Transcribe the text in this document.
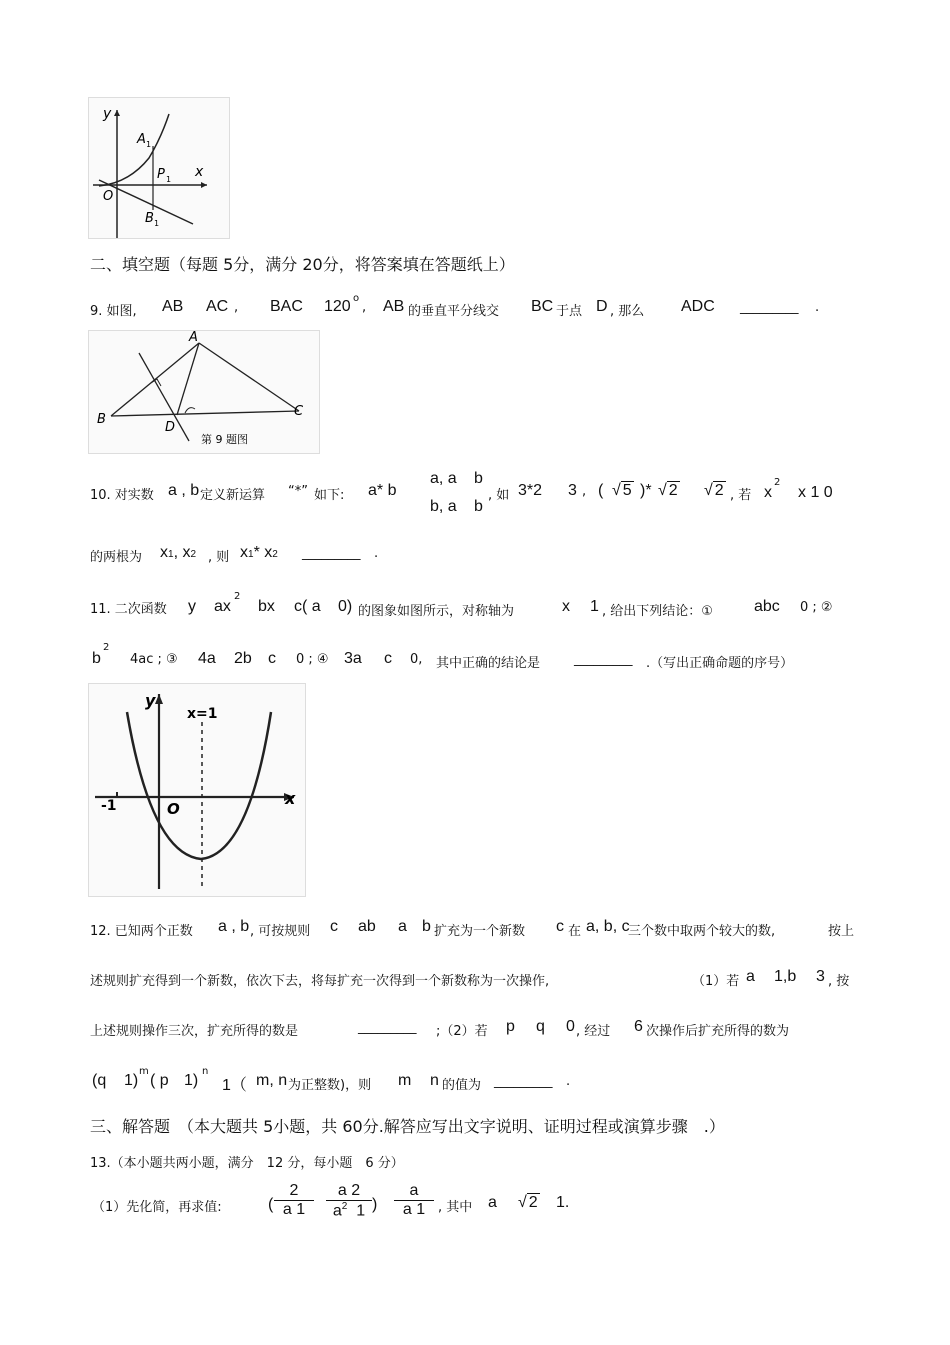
y
x
O
A 1
P 1
B 1
二、填空题（每题 5分，满分 20分，将答案填在答题纸上）
9. 如图, AB AC , BAC 120 o
, AB 的垂直平分线交 BC 于点 D , 那么 ADC _________ .
A
B
C
D
第 9 题图
10. 对实数 a , b 定义新运算 “*” 如下: a* b
a, a b
b, a b
, 如 3*2 3 , ( √ 5 )* √ 2 √ 2 , 若 x
2
x 1 0
的两根为 x1, x2 , 则 x1* x2 _________ .
11. 二次函数 y ax
2
bx c( a 0) 的图象如图所示，对称轴为	x 1 , 给出下列结论：①	abc 0 ; ②
b
2
4ac ; ③ 4a 2b c 0 ; ④ 3a c 0, 其中正确的结论是	_________ .（写出正确命题的序号）
y
x
O
-1
x=1
12. 已知两个正数 a , b , 可按规则 c ab a b 扩充为一个新数 c 在 a, b, c
三个数中取两个较大的数,	按上
述规则扩充得到一个新数，依次下去，将每扩充一次得到一个新数称为一次操作,	（1）若 a 1,b 3 , 按
上述规则操作三次，扩充所得的数是	_________ ;（2）若 p q 0 , 经过 6 次操作后扩充所得的数为
(q 1)
m
( p 1)
n
1（ m, n 为正整数)，则 m n 的值为 _________ .
三、解答题　（本大题共 5小题，共 60分.解答应写出文字说明、证明过程或演算步骤　.）
13.（本小题共两小题，满分　12 分，每小题　6 分）
（1）先化简，再求值:	( $\frac{2}{a 1} \frac{a 2}{a^2 1}$ ) $\frac{a}{a 1}$ , 其中 a √ 2 1.
